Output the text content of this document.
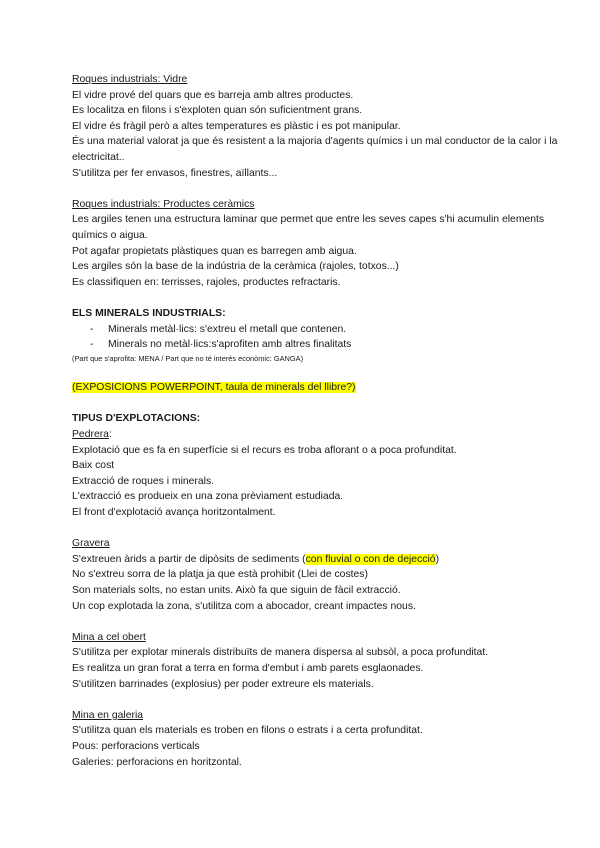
Roques industrials: Vidre
El vidre prové del quars que es barreja amb altres productes.
Es localitza en filons i s'exploten quan són suficientment grans.
El vidre és fràgil però a altes temperatures es plàstic i es pot manipular.
És una material valorat ja que és resistent a la majoria d'agents químics i un mal conductor de la calor i la electricitat..
S'utilitza per fer envasos, finestres, aïllants...
Roques industrials: Productes ceràmics
Les argiles tenen una estructura laminar que permet que entre les seves capes s'hi acumulin elements químics o aigua.
Pot agafar propietats plàstiques quan es barregen amb aigua.
Les argiles són la base de la indústria de la ceràmica (rajoles, totxos...)
Es classifiquen en: terrisses, rajoles, productes refractaris.
ELS MINERALS INDUSTRIALS:
- Minerals metàl·lics: s'extreu el metall que contenen.
- Minerals no metàl·lics:s'aprofiten amb altres finalitats
(Part que s'aprofita: MENA / Part que no té interès econòmic: GANGA)
(EXPOSICIONS POWERPOINT, taula de minerals del llibre?)
TIPUS D'EXPLOTACIONS:
Pedrera:
Explotació que es fa en superfície si el recurs es troba aflorant o a poca profunditat.
Baix cost
Extracció de roques i minerals.
L'extracció es produeix en una zona prèviament estudiada.
El front d'explotació avança horitzontalment.
Gravera
S'extreuen àrids a partir de dipòsits de sediments (con fluvial o con de dejecció)
No s'extreu sorra de la platja ja que està prohibit (Llei de costes)
Son materials solts, no estan units. Això fa que siguin de fàcil extracció.
Un cop explotada la zona, s'utilitza com a abocador, creant impactes nous.
Mina a cel obert
S'utilitza per explotar minerals distribuïts de manera dispersa al subsòl, a poca profunditat.
Es realitza un gran forat a terra en forma d'embut i amb parets esglaonades.
S'utilitzen barrinades (explosius) per poder extreure els materials.
Mina en galeria
S'utilitza quan els materials es troben en filons o estrats i a certa profunditat.
Pous: perforacions verticals
Galeries: perforacions en horitzontal.
